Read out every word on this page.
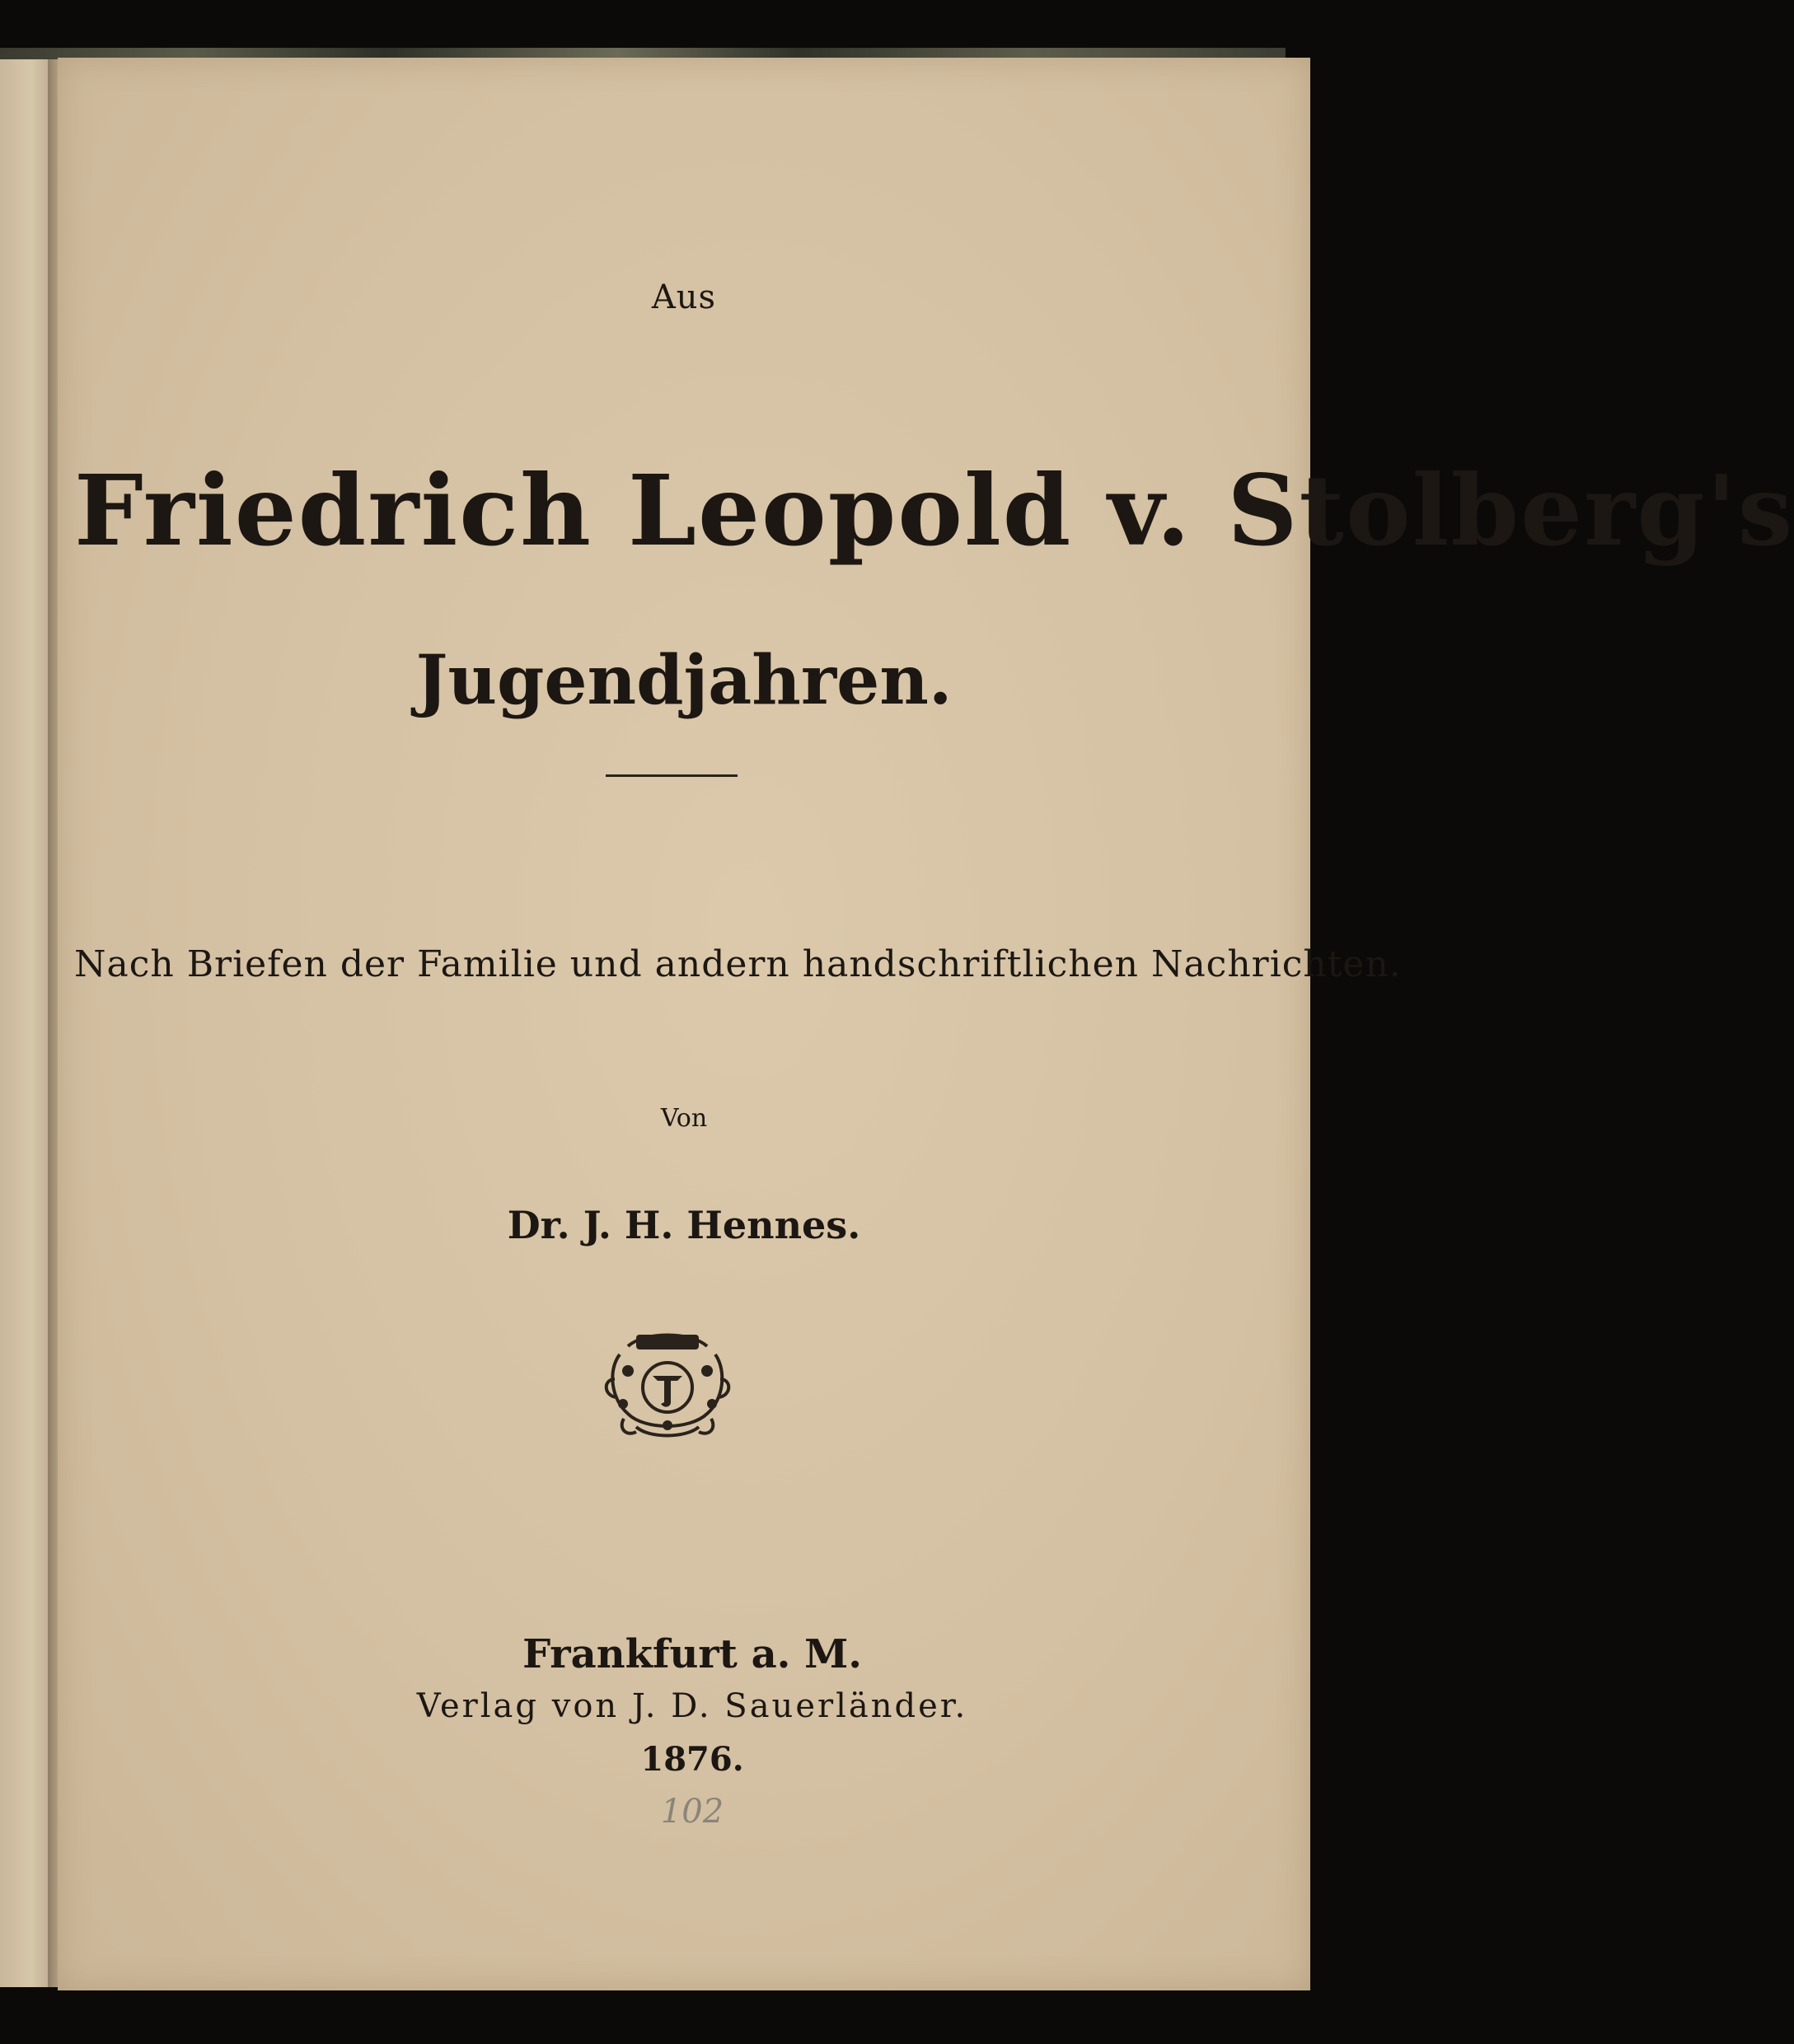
Aus
Friedrich Leopold v. Stolberg's
Jugendjahren.
Nach Briefen der Familie und andern handschriftlichen Nachrichten.
Von
Dr. J. H. Hennes.
Frankfurt a. M.
Verlag von J. D. Sauerländer.
1876.
102
